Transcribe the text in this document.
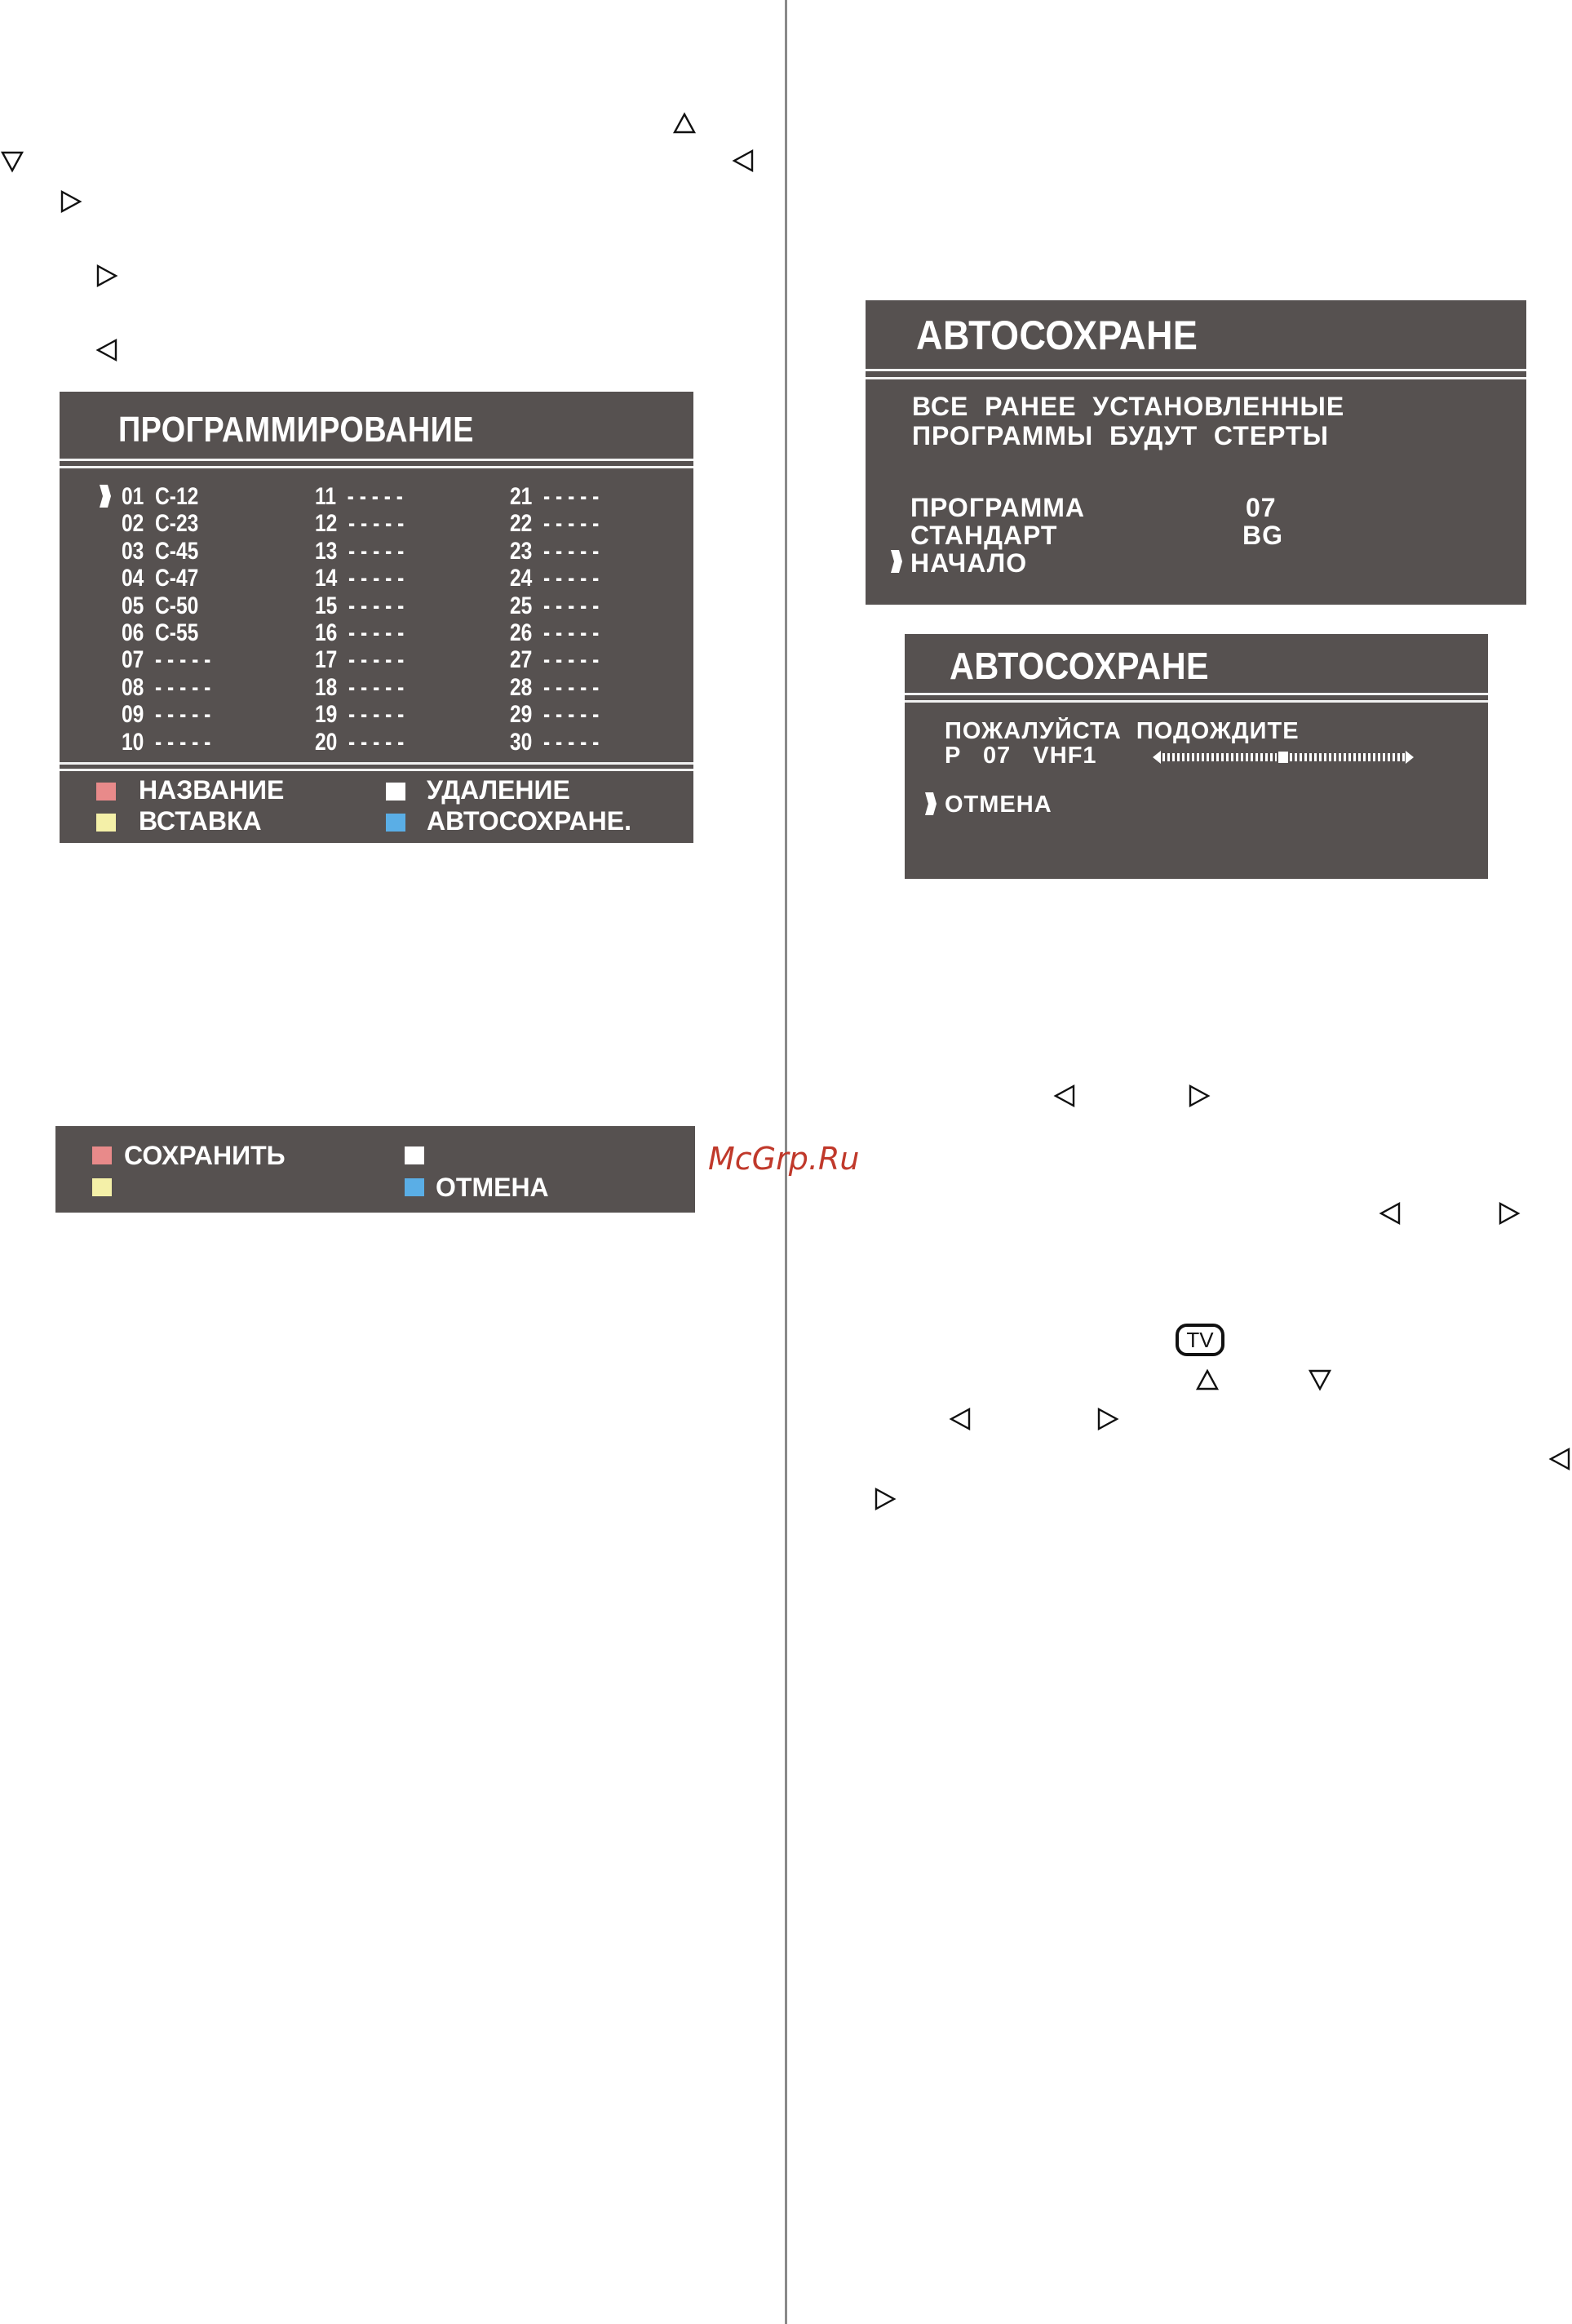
ПРОГРАММИРОВАНИЕ
01  C-12
02  C-23
03  C-45
04  C-47
05  C-50
06  C-55
07  - - - - -
08  - - - - -
09  - - - - -
10  - - - - -
11  - - - - -
12  - - - - -
13  - - - - -
14  - - - - -
15  - - - - -
16  - - - - -
17  - - - - -
18  - - - - -
19  - - - - -
20  - - - - -
21  - - - - -
22  - - - - -
23  - - - - -
24  - - - - -
25  - - - - -
26  - - - - -
27  - - - - -
28  - - - - -
29  - - - - -
30  - - - - -
НАЗВАНИЕ	УДАЛЕНИЕ
ВСТАВКА	АВТОСОХРАНЕ.
СОХРАНИТЬ
ОТМЕНА
McGrp.Ru
АВТОСОХРАНЕ
ВСЕ  РАНЕЕ  УСТАНОВЛЕННЫЕ
ПРОГРАММЫ  БУДУТ  СТЕРТЫ
ПРОГРАММА	07
СТАНДАРТ	BG
НАЧАЛО
АВТОСОХРАНЕ
ПОЖАЛУЙСТА  ПОДОЖДИТЕ
P   07   VHF1
ОТМЕНА
TV
